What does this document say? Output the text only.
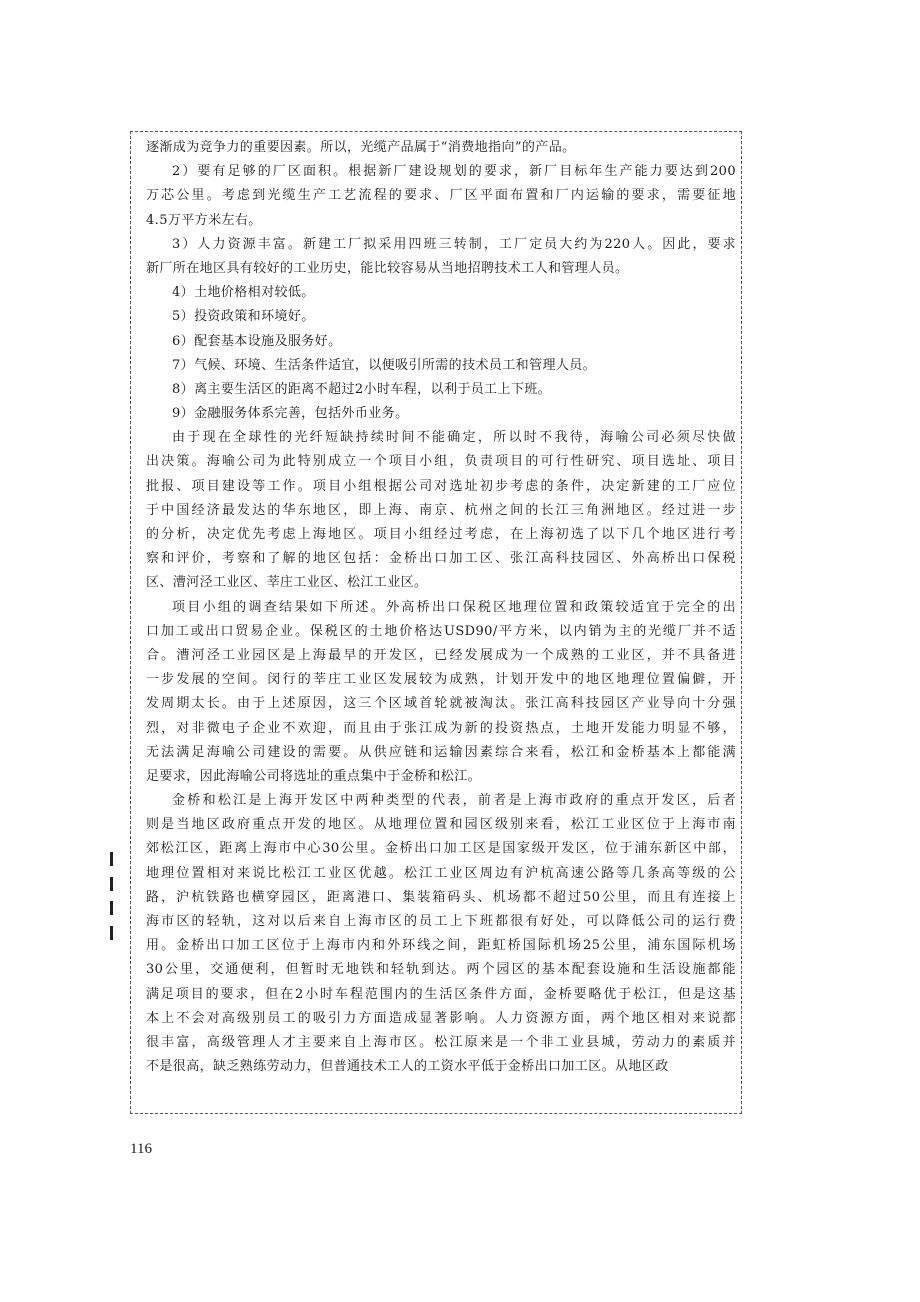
逐渐成为竞争力的重要因素。所以，光缆产品属于“消费地指向”的产品。
2）要有足够的厂区面积。根据新厂建设规划的要求，新厂目标年生产能力要达到200
万芯公里。考虑到光缆生产工艺流程的要求、厂区平面布置和厂内运输的要求，需要征地
4.5万平方米左右。
3）人力资源丰富。新建工厂拟采用四班三转制，工厂定员大约为220人。因此，要求
新厂所在地区具有较好的工业历史，能比较容易从当地招聘技术工人和管理人员。
4）土地价格相对较低。
5）投资政策和环境好。
6）配套基本设施及服务好。
7）气候、环境、生活条件适宜，以便吸引所需的技术员工和管理人员。
8）离主要生活区的距离不超过2小时车程，以利于员工上下班。
9）金融服务体系完善，包括外币业务。
由于现在全球性的光纤短缺持续时间不能确定，所以时不我待，海喻公司必须尽快做
出决策。海喻公司为此特别成立一个项目小组，负责项目的可行性研究、项目选址、项目
批报、项目建设等工作。项目小组根据公司对选址初步考虑的条件，决定新建的工厂应位
于中国经济最发达的华东地区，即上海、南京、杭州之间的长江三角洲地区。经过进一步
的分析，决定优先考虑上海地区。项目小组经过考虑，在上海初选了以下几个地区进行考
察和评价，考察和了解的地区包括：金桥出口加工区、张江高科技园区、外高桥出口保税
区、漕河泾工业区、莘庄工业区、松江工业区。
项目小组的调查结果如下所述。外高桥出口保税区地理位置和政策较适宜于完全的出
口加工或出口贸易企业。保税区的土地价格达USD90/平方米，以内销为主的光缆厂并不适
合。漕河泾工业园区是上海最早的开发区，已经发展成为一个成熟的工业区，并不具备进
一步发展的空间。闵行的莘庄工业区发展较为成熟，计划开发中的地区地理位置偏僻，开
发周期太长。由于上述原因，这三个区域首轮就被淘汰。张江高科技园区产业导向十分强
烈，对非微电子企业不欢迎，而且由于张江成为新的投资热点，土地开发能力明显不够，
无法满足海喻公司建设的需要。从供应链和运输因素综合来看，松江和金桥基本上都能满
足要求，因此海喻公司将选址的重点集中于金桥和松江。
金桥和松江是上海开发区中两种类型的代表，前者是上海市政府的重点开发区，后者
则是当地区政府重点开发的地区。从地理位置和园区级别来看，松江工业区位于上海市南
郊松江区，距离上海市中心30公里。金桥出口加工区是国家级开发区，位于浦东新区中部，
地理位置相对来说比松江工业区优越。松江工业区周边有沪杭高速公路等几条高等级的公
路，沪杭铁路也横穿园区，距离港口、集装箱码头、机场都不超过50公里，而且有连接上
海市区的轻轨，这对以后来自上海市区的员工上下班都很有好处，可以降低公司的运行费
用。金桥出口加工区位于上海市内和外环线之间，距虹桥国际机场25公里，浦东国际机场
30公里，交通便利，但暂时无地铁和轻轨到达。两个园区的基本配套设施和生活设施都能
满足项目的要求，但在2小时车程范围内的生活区条件方面，金桥要略优于松江，但是这基
本上不会对高级别员工的吸引力方面造成显著影响。人力资源方面，两个地区相对来说都
很丰富，高级管理人才主要来自上海市区。松江原来是一个非工业县城，劳动力的素质并
不是很高，缺乏熟练劳动力，但普通技术工人的工资水平低于金桥出口加工区。从地区政
116
